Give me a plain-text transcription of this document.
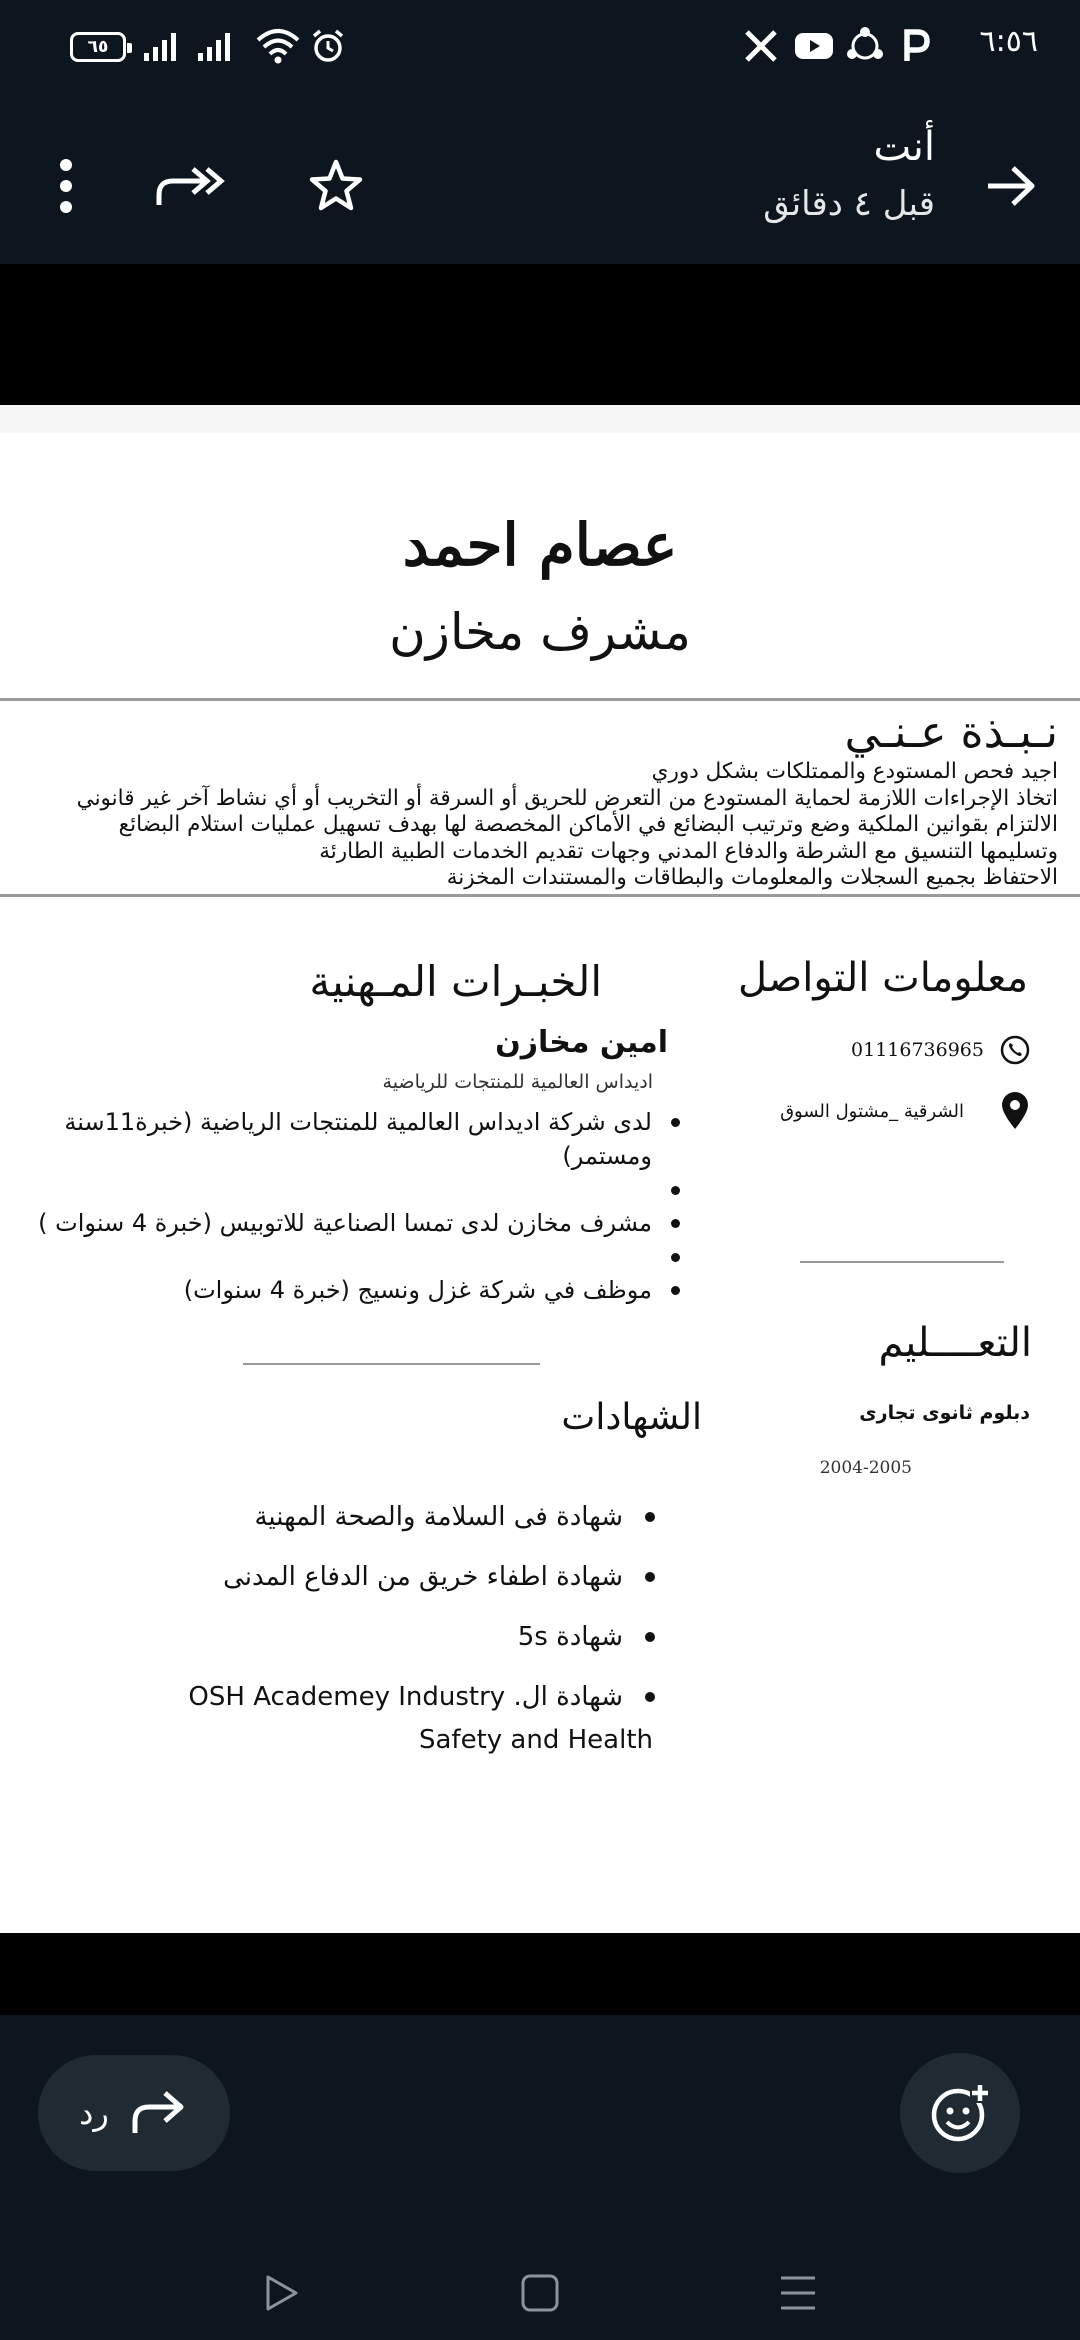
٦٥	٦:٥٦
أنت
قبل ٤ دقائق
عصام احمد
مشرف مخازن
نـبـذة عـنـي
اجيد فحص المستودع والممتلكات بشكل دوري
اتخاذ الإجراءات اللازمة لحماية المستودع من التعرض للحريق أو السرقة أو التخريب أو أي نشاط آخر غير قانوني
الالتزام بقوانين الملكية وضع وترتيب البضائع في الأماكن المخصصة لها بهدف تسهيل عمليات استلام البضائع
وتسليمها التنسيق مع الشرطة والدفاع المدني وجهات تقديم الخدمات الطبية الطارئة
الاحتفاظ بجميع السجلات والمعلومات والبطاقات والمستندات المخزنة
معلومات التواصل
01116736965
الشرقية _مشتول السوق
التعــــليم
دبلوم ثانوى تجارى
2004-2005
الخبـرات المـهنية
امين مخازن
اديداس العالمية للمنتجات للرياضية
لدى شركة اديداس العالمية للمنتجات الرياضية (خبرة11سنة ومستمر)
مشرف مخازن لدى تمسا الصناعية للاتوبيس (خبرة 4 سنوات )
موظف في شركة غزل ونسيج (خبرة 4 سنوات)
الشهادات
شهادة فى السلامة والصحة المهنية
شهادة اطفاء خريق من الدفاع المدنى
شهادة 5s
شهادة ال. OSH Academey Industry
Safety and Health
رد
